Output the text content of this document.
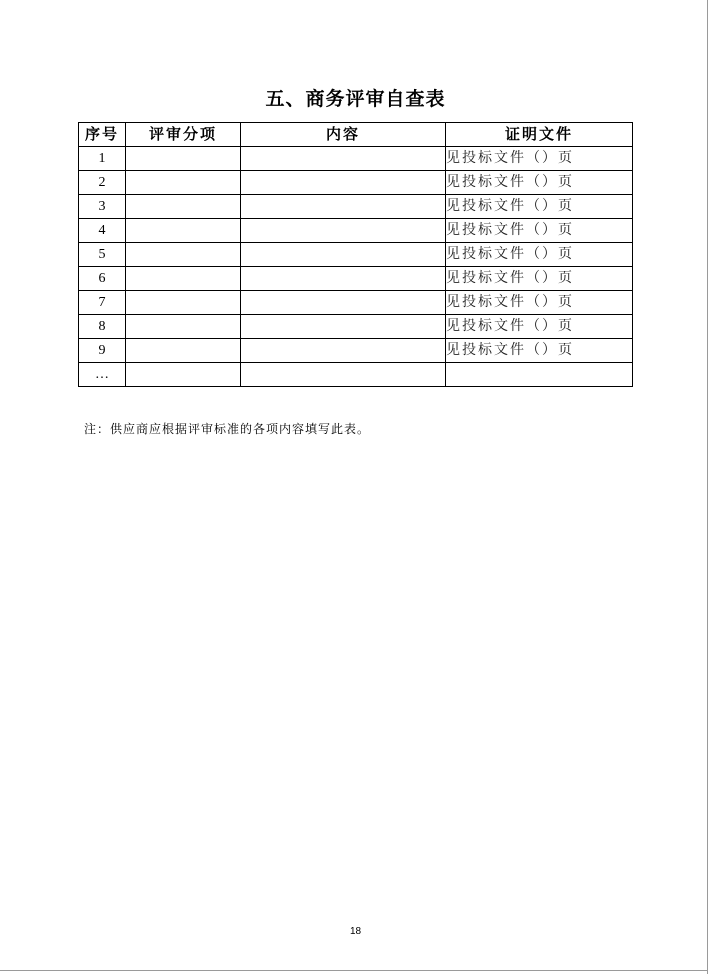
五、商务评审自查表
序号	评审分项	内容	证明文件
1			见投标文件（）页
2			见投标文件（）页
3			见投标文件（）页
4			见投标文件（）页
5			见投标文件（）页
6			见投标文件（）页
7			见投标文件（）页
8			见投标文件（）页
9			见投标文件（）页
…			
注：供应商应根据评审标准的各项内容填写此表。
18
